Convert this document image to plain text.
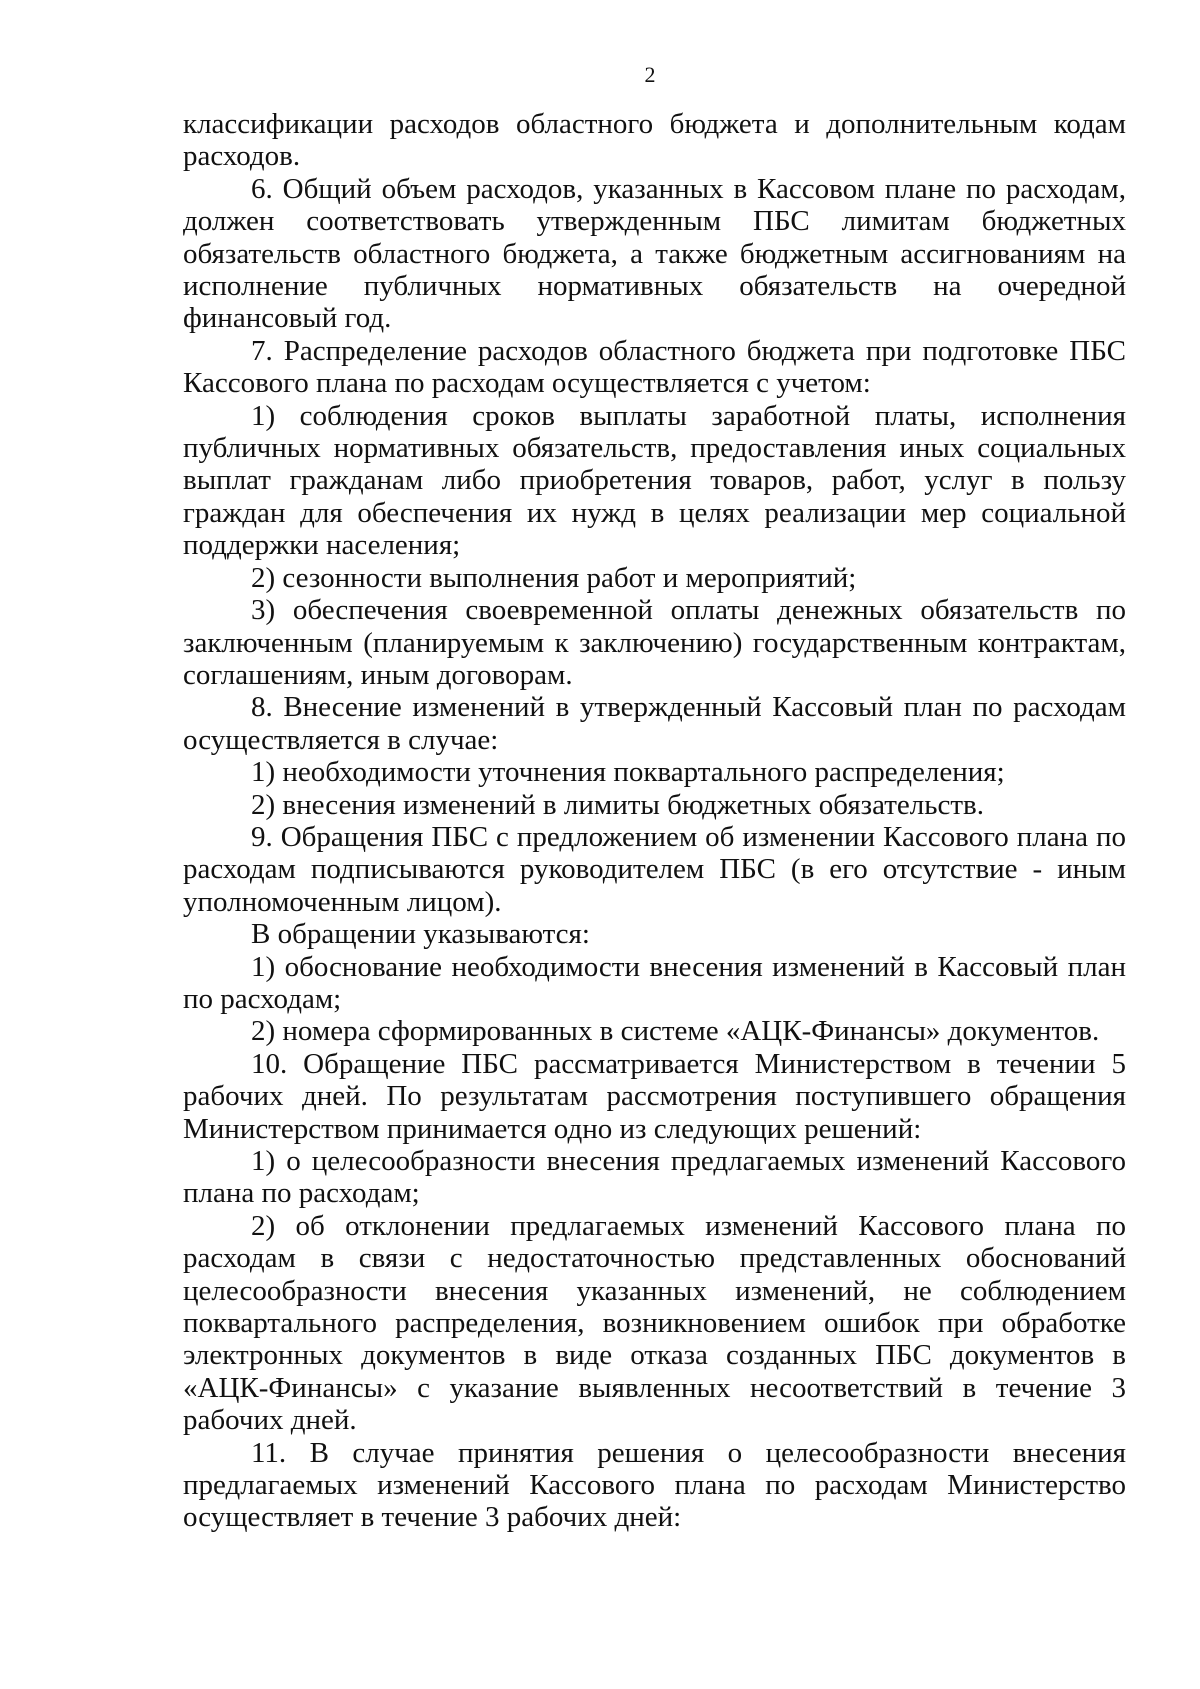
2

классификации расходов областного бюджета и дополнительным кодам расходов.

6. Общий объем расходов, указанных в Кассовом плане по расходам, должен соответствовать утвержденным ПБС лимитам бюджетных обязательств областного бюджета, а также бюджетным ассигнованиям на исполнение публичных нормативных обязательств на очередной финансовый год.

7. Распределение расходов областного бюджета при подготовке ПБС Кассового плана по расходам осуществляется с учетом:

1) соблюдения сроков выплаты заработной платы, исполнения публичных нормативных обязательств, предоставления иных социальных выплат гражданам либо приобретения товаров, работ, услуг в пользу граждан для обеспечения их нужд в целях реализации мер социальной поддержки населения;

2) сезонности выполнения работ и мероприятий;

3) обеспечения своевременной оплаты денежных обязательств по заключенным (планируемым к заключению) государственным контрактам, соглашениям, иным договорам.

8. Внесение изменений в утвержденный Кассовый план по расходам осуществляется в случае:

1) необходимости уточнения поквартального распределения;

2) внесения изменений в лимиты бюджетных обязательств.

9. Обращения ПБС с предложением об изменении Кассового плана по расходам подписываются руководителем ПБС (в его отсутствие - иным уполномоченным лицом).

В обращении указываются:

1) обоснование необходимости внесения изменений в Кассовый план по расходам;

2) номера сформированных в системе «АЦК-Финансы» документов.

10. Обращение ПБС рассматривается Министерством в течении 5 рабочих дней. По результатам рассмотрения поступившего обращения Министерством принимается одно из следующих решений:

1) о целесообразности внесения предлагаемых изменений Кассового плана по расходам;

2) об отклонении предлагаемых изменений Кассового плана по расходам в связи с недостаточностью представленных обоснований целесообразности внесения указанных изменений, не соблюдением поквартального распределения, возникновением ошибок при обработке электронных документов в виде отказа созданных ПБС документов в «АЦК-Финансы» с указание выявленных несоответствий в течение 3 рабочих дней.

11. В случае принятия решения о целесообразности внесения предлагаемых изменений Кассового плана по расходам Министерство осуществляет в течение 3 рабочих дней:
